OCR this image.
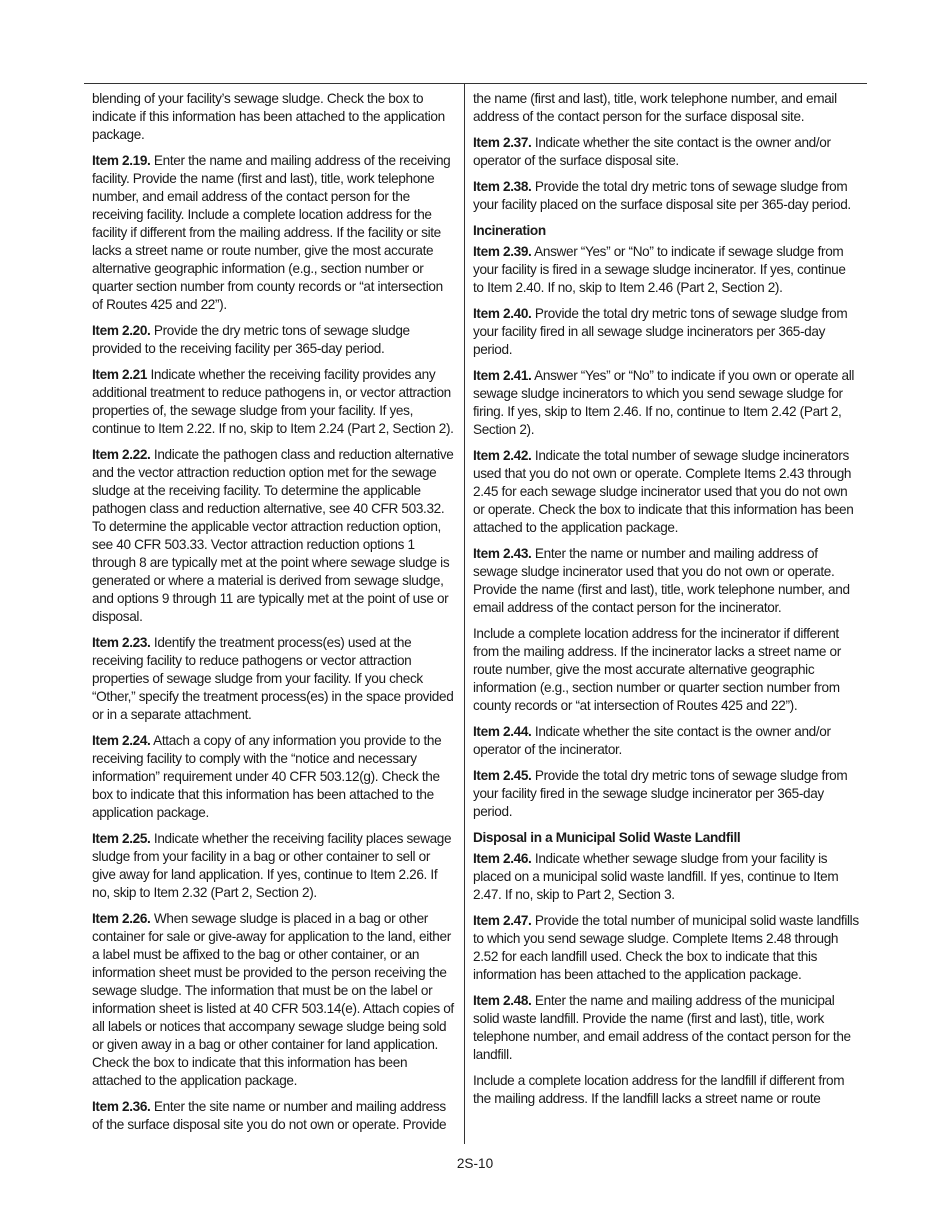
blending of your facility’s sewage sludge. Check the box to indicate if this information has been attached to the application package.

Item 2.19. Enter the name and mailing address of the receiving facility. Provide the name (first and last), title, work telephone number, and email address of the contact person for the receiving facility. Include a complete location address for the facility if different from the mailing address. If the facility or site lacks a street name or route number, give the most accurate alternative geographic information (e.g., section number or quarter section number from county records or “at intersection of Routes 425 and 22”).

Item 2.20. Provide the dry metric tons of sewage sludge provided to the receiving facility per 365-day period.

Item 2.21 Indicate whether the receiving facility provides any additional treatment to reduce pathogens in, or vector attraction properties of, the sewage sludge from your facility. If yes, continue to Item 2.22. If no, skip to Item 2.24 (Part 2, Section 2).

Item 2.22. Indicate the pathogen class and reduction alternative and the vector attraction reduction option met for the sewage sludge at the receiving facility. To determine the applicable pathogen class and reduction alternative, see 40 CFR 503.32. To determine the applicable vector attraction reduction option, see 40 CFR 503.33. Vector attraction reduction options 1 through 8 are typically met at the point where sewage sludge is generated or where a material is derived from sewage sludge, and options 9 through 11 are typically met at the point of use or disposal.

Item 2.23. Identify the treatment process(es) used at the receiving facility to reduce pathogens or vector attraction properties of sewage sludge from your facility. If you check “Other,” specify the treatment process(es) in the space provided or in a separate attachment.

Item 2.24. Attach a copy of any information you provide to the receiving facility to comply with the “notice and necessary information” requirement under 40 CFR 503.12(g). Check the box to indicate that this information has been attached to the application package.

Item 2.25. Indicate whether the receiving facility places sewage sludge from your facility in a bag or other container to sell or give away for land application. If yes, continue to Item 2.26. If no, skip to Item 2.32 (Part 2, Section 2).

Item 2.26. When sewage sludge is placed in a bag or other container for sale or give-away for application to the land, either a label must be affixed to the bag or other container, or an information sheet must be provided to the person receiving the sewage sludge. The information that must be on the label or information sheet is listed at 40 CFR 503.14(e). Attach copies of all labels or notices that accompany sewage sludge being sold or given away in a bag or other container for land application. Check the box to indicate that this information has been attached to the application package.

Item 2.36. Enter the site name or number and mailing address of the surface disposal site you do not own or operate. Provide

the name (first and last), title, work telephone number, and email address of the contact person for the surface disposal site.

Item 2.37. Indicate whether the site contact is the owner and/or operator of the surface disposal site.

Item 2.38. Provide the total dry metric tons of sewage sludge from your facility placed on the surface disposal site per 365-day period.

Incineration

Item 2.39. Answer “Yes” or “No” to indicate if sewage sludge from your facility is fired in a sewage sludge incinerator. If yes, continue to Item 2.40. If no, skip to Item 2.46 (Part 2, Section 2).

Item 2.40. Provide the total dry metric tons of sewage sludge from your facility fired in all sewage sludge incinerators per 365-day period.

Item 2.41. Answer “Yes” or “No” to indicate if you own or operate all sewage sludge incinerators to which you send sewage sludge for firing. If yes, skip to Item 2.46. If no, continue to Item 2.42 (Part 2, Section 2).

Item 2.42. Indicate the total number of sewage sludge incinerators used that you do not own or operate. Complete Items 2.43 through 2.45 for each sewage sludge incinerator used that you do not own or operate. Check the box to indicate that this information has been attached to the application package.

Item 2.43. Enter the name or number and mailing address of sewage sludge incinerator used that you do not own or operate. Provide the name (first and last), title, work telephone number, and email address of the contact person for the incinerator.

Include a complete location address for the incinerator if different from the mailing address. If the incinerator lacks a street name or route number, give the most accurate alternative geographic information (e.g., section number or quarter section number from county records or “at intersection of Routes 425 and 22”).

Item 2.44. Indicate whether the site contact is the owner and/or operator of the incinerator.

Item 2.45. Provide the total dry metric tons of sewage sludge from your facility fired in the sewage sludge incinerator per 365-day period.

Disposal in a Municipal Solid Waste Landfill

Item 2.46. Indicate whether sewage sludge from your facility is placed on a municipal solid waste landfill. If yes, continue to Item 2.47. If no, skip to Part 2, Section 3.

Item 2.47. Provide the total number of municipal solid waste landfills to which you send sewage sludge. Complete Items 2.48 through 2.52 for each landfill used. Check the box to indicate that this information has been attached to the application package.

Item 2.48. Enter the name and mailing address of the municipal solid waste landfill. Provide the name (first and last), title, work telephone number, and email address of the contact person for the landfill.

Include a complete location address for the landfill if different from the mailing address. If the landfill lacks a street name or route

2S-10
